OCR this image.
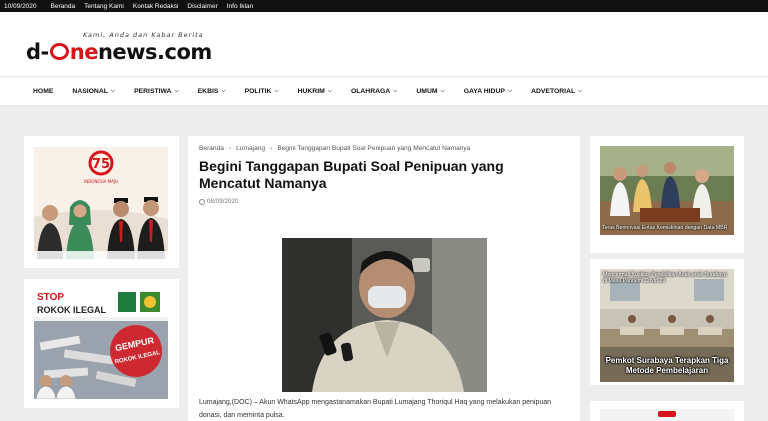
10/09/2020 Beranda Tentang Kami Kontak Redaksi Disclaimer Info Iklan
Kami, Anda dan Kabar Berita
d- nenews.com
HOME	NASIONAL ⌵	PERISTIWA ⌵	EKBIS ⌵	POLITIK ⌵	HUKRIM ⌵	OLAHRAGA ⌵	UMUM ⌵	GAYA HIDUP ⌵	ADVETORIAL ⌵
75
INDONESIA MAJU
STOP
ROKOK ILEGAL
GEMPUR
ROKOK ILEGAL
Beranda › Lumajang › Begini Tanggapan Bupati Soal Penipuan yang Mencatut Namanya
Begini Tanggapan Bupati Soal Penipuan yang Mencatut Namanya
08/09/2020

Lumajang,(DOC) – Akun WhatsApp mengastanamakan Bupati Lumajang Thoriqul Haq yang melakukan penipuan donasi, dan meminta pulsa.

Teras Berinovasi Entas Kemiskinan dengan Data MBR
Mencermati Kualitas Pendidikan Anak-anak Surabaya di Masa Pandemi Covid-19
Pemkot Surabaya Terapkan Tiga Metode Pembelajaran
